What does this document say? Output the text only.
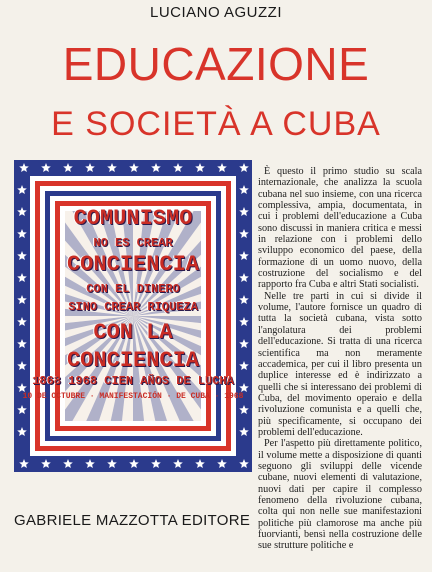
LUCIANO AGUZZI
EDUCAZIONE
E SOCIETÀ A CUBA
COMUNISMO
NO ES CREAR
CONCIENCIA
CON EL DINERO
SINO CREAR RIQUEZA
CON LA
CONCIENCIA
1868 1968 CIEN AÑOS DE LUCHA
10 DE OCTUBRE · MANIFESTACIÓN · DE CUBA · 1968

È questo il primo studio su scala internazionale, che analizza la scuola cubana nel suo insieme, con una ricerca complessiva, ampia, documentata, in cui i problemi dell'educazione a Cuba sono discussi in maniera critica e messi in relazione con i problemi dello sviluppo economico del paese, della formazione di un uomo nuovo, della costruzione del socialismo e del rapporto fra Cuba e altri Stati socialisti.

Nelle tre parti in cui si divide il volume, l'autore fornisce un quadro di tutta la società cubana, vista sotto l'angolatura dei problemi dell'educazione. Si tratta di una ricerca scientifica ma non meramente accademica, per cui il libro presenta un duplice interesse ed è indirizzato a quelli che si interessano dei problemi di Cuba, del movimento operaio e della rivoluzione comunista e a quelli che, più specificamente, si occupano dei problemi dell'educazione.

Per l'aspetto più direttamente politico, il volume mette a disposizione di quanti seguono gli sviluppi delle vicende cubane, nuovi elementi di valutazione, nuovi dati per capire il complesso fenomeno della rivoluzione cubana, colta qui non nelle sue manifestazioni politiche più clamorose ma anche più fuorvianti, bensì nella costruzione delle sue strutture politiche e

GABRIELE MAZZOTTA EDITORE
